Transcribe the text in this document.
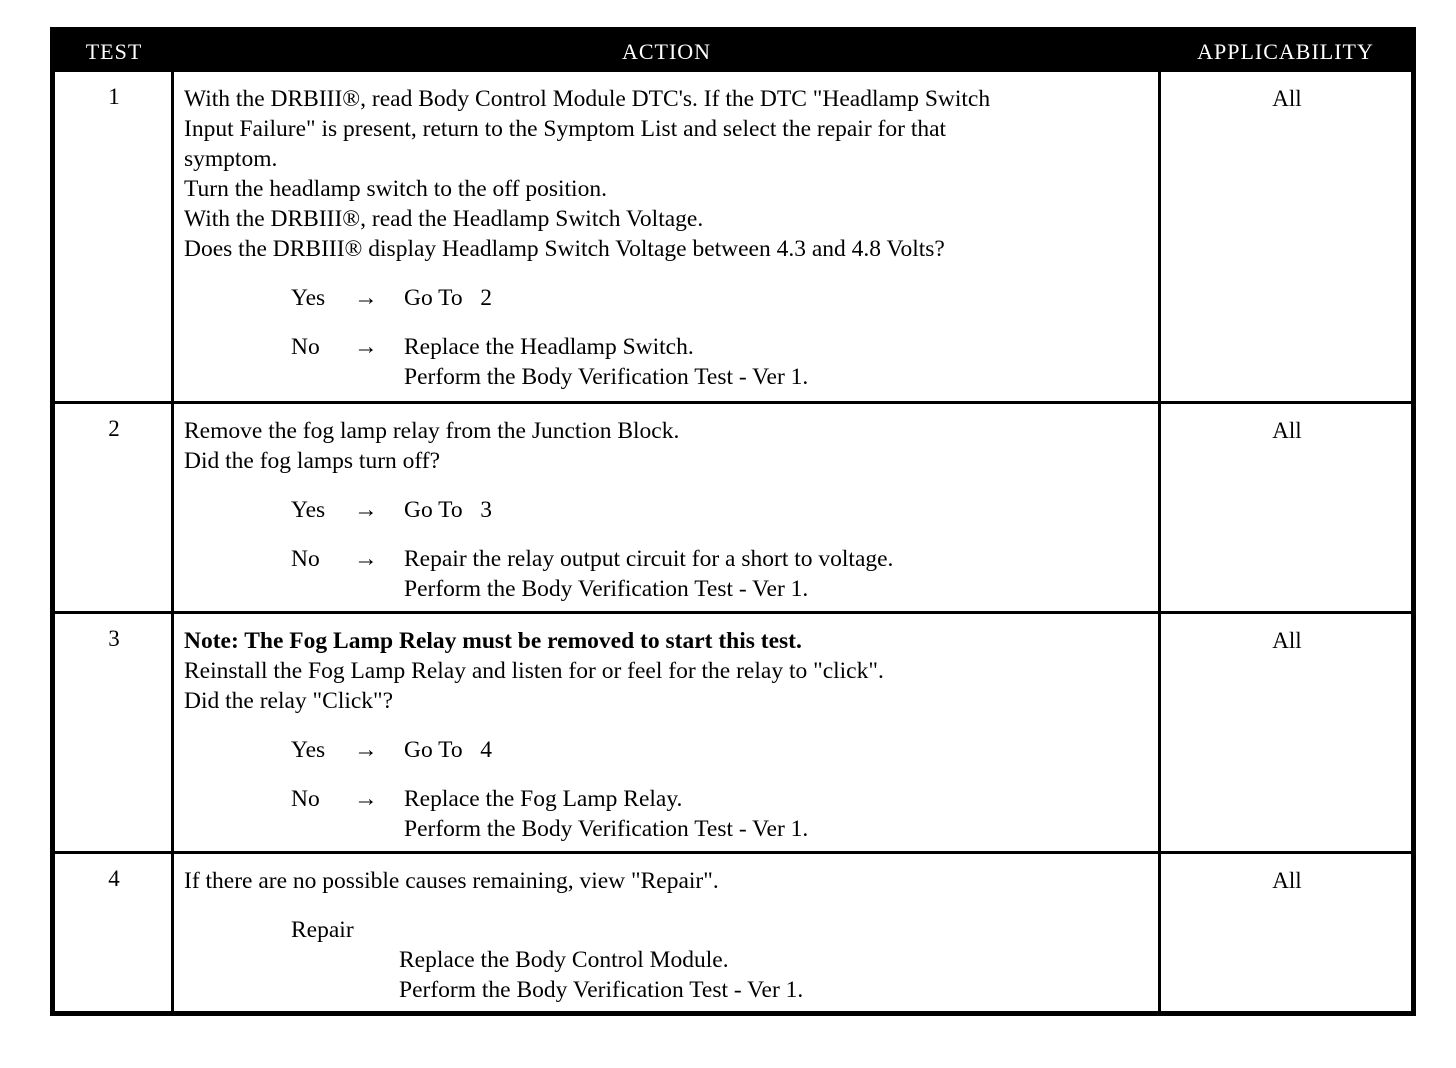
TEST	ACTION	APPLICABILITY
1	With the DRBIII®, read Body Control Module DTC's. If the DTC "Headlamp Switch

Input Failure" is present, return to the Symptom List and select the repair for that

symptom.

Turn the headlamp switch to the off position.

With the DRBIII®, read the Headlamp Switch Voltage.

Does the DRBIII® display Headlamp Switch Voltage between 4.3 and 4.8 Volts?

Yes → Go To   2
No → Replace the Headlamp Switch.
Perform the Body Verification Test - Ver 1.
All
2	Remove the fog lamp relay from the Junction Block.

Did the fog lamps turn off?

Yes → Go To   3
No → Repair the relay output circuit for a short to voltage.
Perform the Body Verification Test - Ver 1.
All
3	Note: The Fog Lamp Relay must be removed to start this test.

Reinstall the Fog Lamp Relay and listen for or feel for the relay to "click".

Did the relay "Click"?

Yes → Go To   4
No → Replace the Fog Lamp Relay.
Perform the Body Verification Test - Ver 1.
All
4	If there are no possible causes remaining, view "Repair".

Repair
Replace the Body Control Module.
Perform the Body Verification Test - Ver 1.
All
